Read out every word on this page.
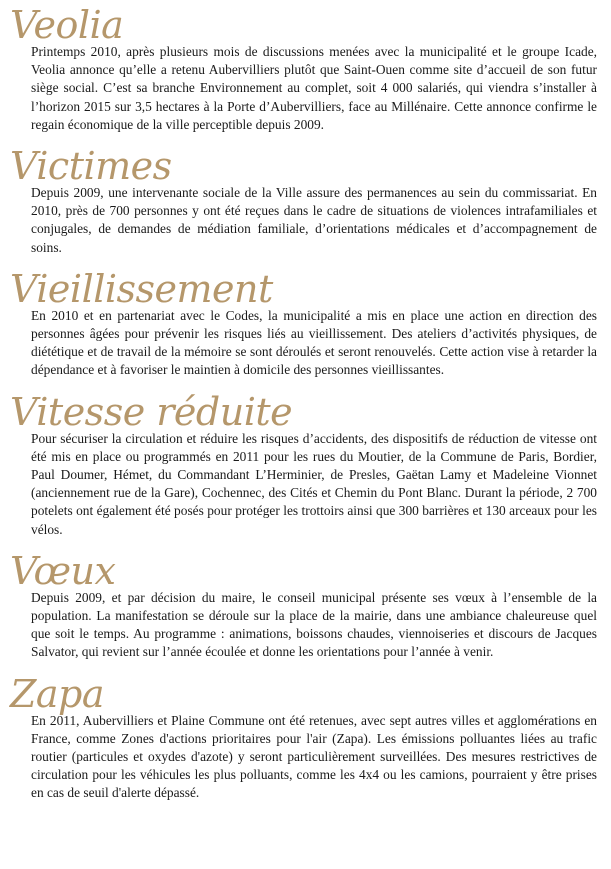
Veolia

Printemps 2010, après plusieurs mois de discussions menées avec la municipalité et le groupe Icade, Veolia annonce qu’elle a retenu Aubervilliers plutôt que Saint-Ouen comme site d’accueil de son futur siège social. C’est sa branche Environnement au complet, soit 4 000 salariés, qui viendra s’installer à l’horizon 2015 sur 3,5 hectares à la Porte d’Aubervilliers, face au Millénaire. Cette annonce confirme le regain économique de la ville perceptible depuis 2009.

Victimes

Depuis 2009, une intervenante sociale de la Ville assure des permanences au sein du commissariat. En 2010, près de 700 personnes y ont été reçues dans le cadre de situations de violences intrafamiliales et conjugales, de demandes de médiation familiale, d’orientations médicales et d’accompagnement de soins.

Vieillissement

En 2010 et en partenariat avec le Codes, la municipalité a mis en place une action en direction des personnes âgées pour prévenir les risques liés au vieillissement. Des ateliers d’activités physiques, de diététique et de travail de la mémoire se sont déroulés et seront renouvelés. Cette action vise à retarder la dépendance et à favoriser le maintien à domicile des personnes vieillissantes.

Vitesse réduite

Pour sécuriser la circulation et réduire les risques d’accidents, des dispositifs de réduction de vitesse ont été mis en place ou programmés en 2011 pour les rues du Moutier, de la Commune de Paris, Bordier, Paul Doumer, Hémet, du Commandant L’Herminier, de Presles, Gaëtan Lamy et Madeleine Vionnet (anciennement rue de la Gare), Cochennec, des Cités et Chemin du Pont Blanc. Durant la période, 2 700 potelets ont également été posés pour protéger les trottoirs ainsi que 300 barrières et 130 arceaux pour les vélos.

Vœux

Depuis 2009, et par décision du maire, le conseil municipal présente ses vœux à l’ensemble de la population. La manifestation se déroule sur la place de la mairie, dans une ambiance chaleureuse quel que soit le temps. Au programme : animations, boissons chaudes, viennoiseries et discours de Jacques Salvator, qui revient sur l’année écoulée et donne les orientations pour l’année à venir.

Zapa

En 2011, Aubervilliers et Plaine Commune ont été retenues, avec sept autres villes et agglomérations en France, comme Zones d'actions prioritaires pour l'air (Zapa). Les émissions polluantes liées au trafic routier (particules et oxydes d'azote) y seront particulièrement surveillées. Des mesures restrictives de circulation pour les véhicules les plus polluants, comme les 4x4 ou les camions, pourraient y être prises en cas de seuil d'alerte dépassé.
